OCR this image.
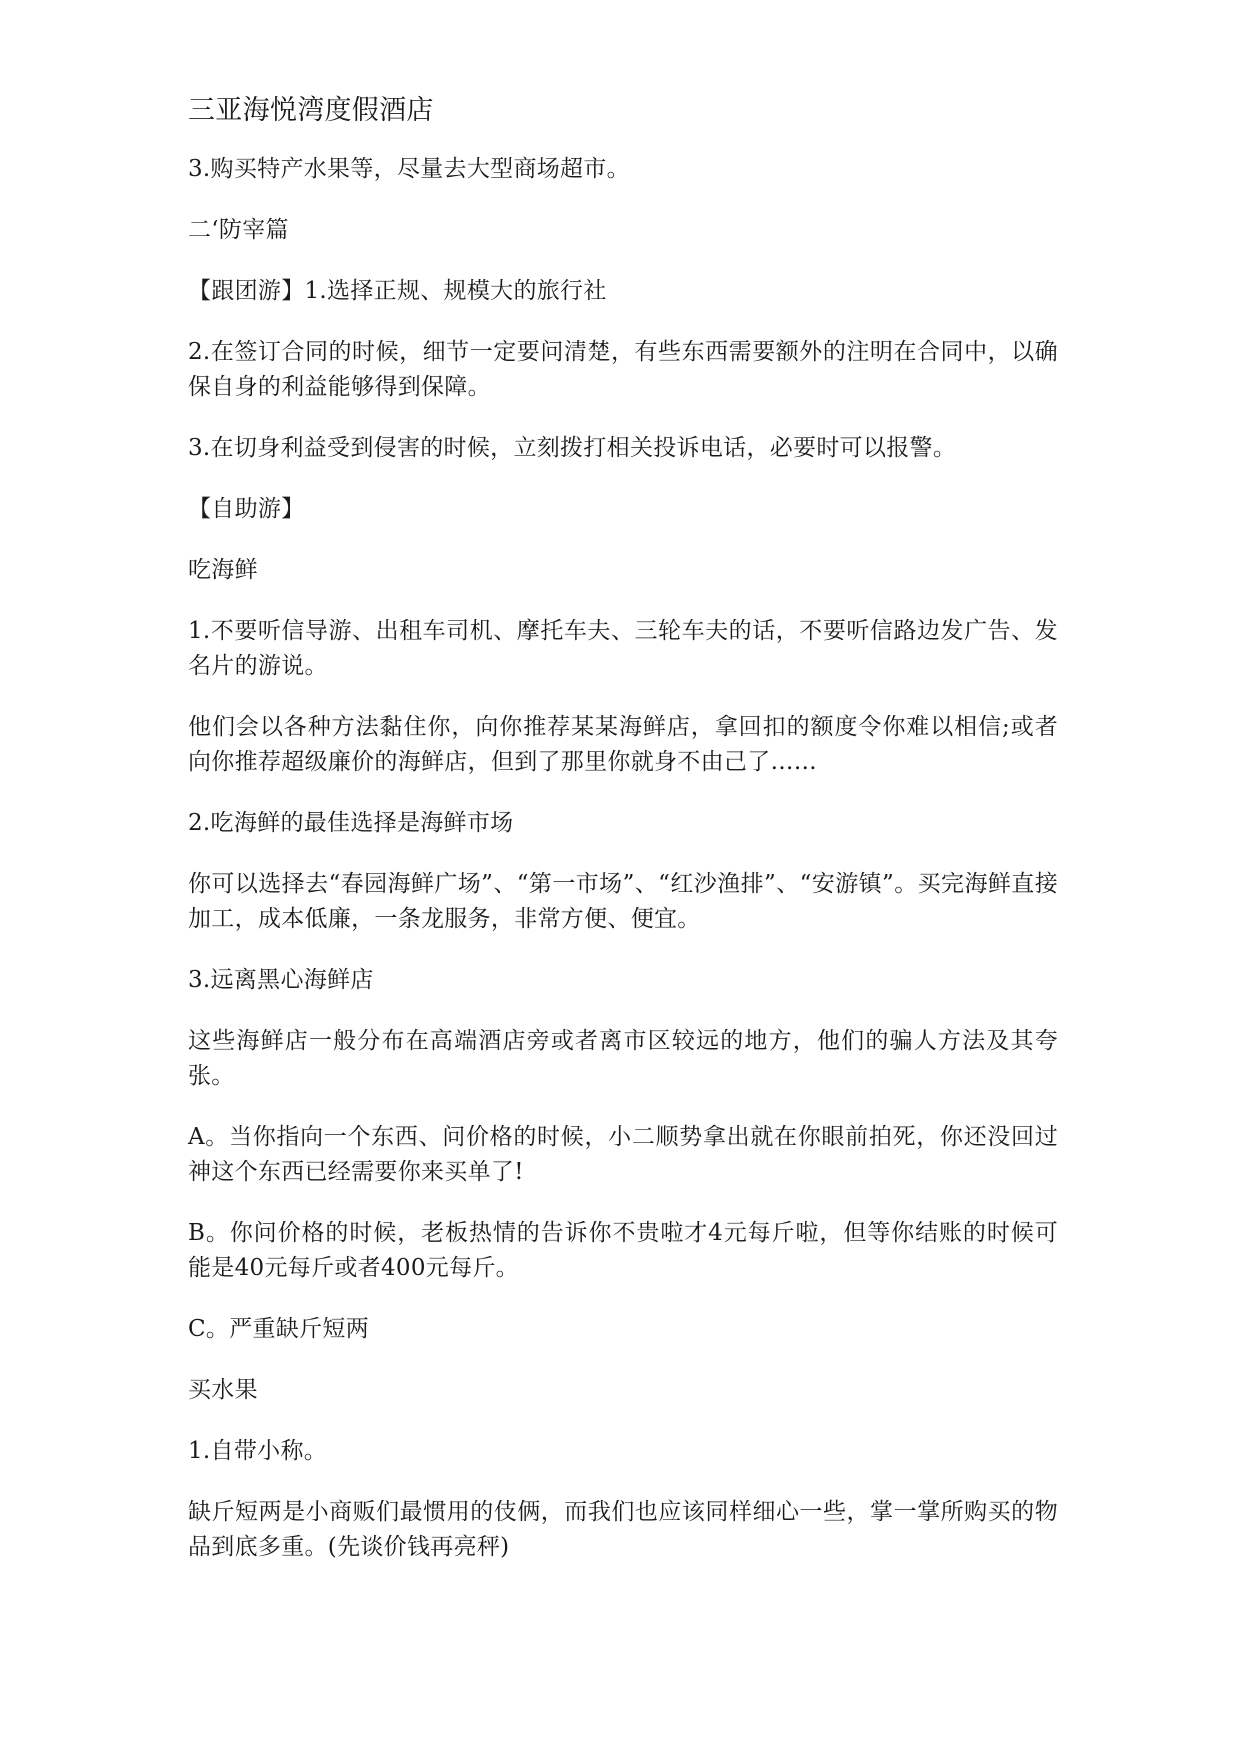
三亚海悦湾度假酒店

3.购买特产水果等，尽量去大型商场超市。

二‘防宰篇

【跟团游】1.选择正规、规模大的旅行社

2.在签订合同的时候，细节一定要问清楚，有些东西需要额外的注明在合同中，以确保自身的利益能够得到保障。

3.在切身利益受到侵害的时候，立刻拨打相关投诉电话，必要时可以报警。

【自助游】

吃海鲜

1.不要听信导游、出租车司机、摩托车夫、三轮车夫的话，不要听信路边发广告、发名片的游说。

他们会以各种方法黏住你，向你推荐某某海鲜店，拿回扣的额度令你难以相信;或者向你推荐超级廉价的海鲜店，但到了那里你就身不由己了……

2.吃海鲜的最佳选择是海鲜市场

你可以选择去“春园海鲜广场”、“第一市场”、“红沙渔排”、“安游镇”。买完海鲜直接加工，成本低廉，一条龙服务，非常方便、便宜。

3.远离黑心海鲜店

这些海鲜店一般分布在高端酒店旁或者离市区较远的地方，他们的骗人方法及其夸张。

A。当你指向一个东西、问价格的时候，小二顺势拿出就在你眼前拍死，你还没回过神这个东西已经需要你来买单了!

B。你问价格的时候，老板热情的告诉你不贵啦才4元每斤啦，但等你结账的时候可能是40元每斤或者400元每斤。

C。严重缺斤短两

买水果

1.自带小称。

缺斤短两是小商贩们最惯用的伎俩，而我们也应该同样细心一些，掌一掌所购买的物品到底多重。(先谈价钱再亮秤)
